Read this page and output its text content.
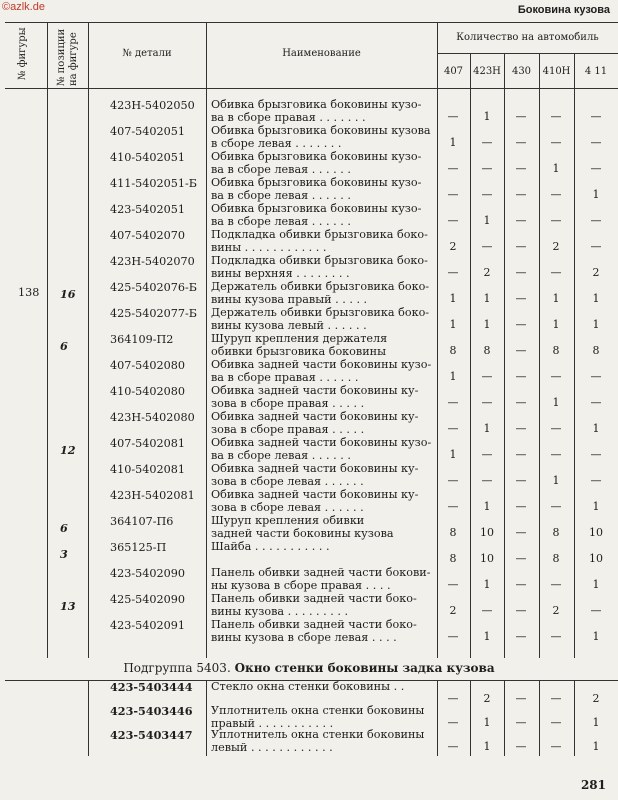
©azlk.de	Боковина кузова
№ фигуры	№ позиции на фигуре	№ детали	Наименование
Количество на автомобиль
407	423Н	430	410Н	4 11
138
423Н-5402050 Обивка брызговика боковины кузо-
ва в сборе правая . . . . . . .	—	1	—	—	—
407-5402051 Обивка брызговика боковины кузова
в сборе левая . . . . . . .	1	—	—	—	—
410-5402051 Обивка брызговика боковины кузо-
ва в сборе левая . . . . . .	—	—	—	1	—
411-5402051-Б Обивка брызговика боковины кузо-
ва в сборе левая . . . . . .	—	—	—	—	1
423-5402051 Обивка брызговика боковины кузо-
ва в сборе левая . . . . . .	—	1	—	—	—
407-5402070 Подкладка обивки брызговика боко-
вины . . . . . . . . . . . .	2	—	—	2	—
423Н-5402070 Подкладка обивки брызговика боко-
вины верхняя . . . . . . . .	—	2	—	—	2
16	425-5402076-Б Держатель обивки брызговика боко-
вины кузова правый . . . . .	1	1	—	1	1
425-5402077-Б Держатель обивки брызговика боко-
вины кузова левый . . . . . .	1	1	—	1	1
6	364109-П2	Шуруп крепления держателя
обивки брызговика боковины	8	8	—	8	8
407-5402080 Обивка задней части боковины кузо-
ва в сборе правая . . . . . .	1	—	—	—	—
410-5402080 Обивка задней части боковины ку-
зова в сборе правая . . . . .	—	—	—	1	—
423Н-5402080 Обивка задней части боковины ку-
зова в сборе правая . . . . .	—	1	—	—	1
12	407-5402081 Обивка задней части боковины кузо-
ва в сборе левая . . . . . .	1	—	—	—	—
410-5402081 Обивка задней части боковины ку-
зова в сборе левая . . . . . .	—	—	—	1	—
423Н-5402081 Обивка задней части боковины ку-
зова в сборе левая . . . . . .	—	1	—	—	1
6	364107-П6	Шуруп крепления обивки
задней части боковины кузова	8	10	—	8	10
3	365125-П	Шайба . . . . . . . . . . .
8	10	—	8	10
423-5402090 Панель обивки задней части бокови-
ны кузова в сборе правая . . . .	—	1	—	—	1
13	425-5402090 Панель обивки задней части боко-
вины кузова . . . . . . . . .	2	—	—	2	—
423-5402091 Панель обивки задней части боко-
вины кузова в сборе левая . . . .	—	1	—	—	1
Подгруппа 5403. Окно стенки боковины задка кузова
423-5403444 Стекло окна стенки боковины . .
—	2	—	—	2
423-5403446 Уплотнитель окна стенки боковины
правый . . . . . . . . . . .	—	1	—	—	1
423-5403447 Уплотнитель окна стенки боковины
левый . . . . . . . . . . . .	—	1	—	—	1
281
